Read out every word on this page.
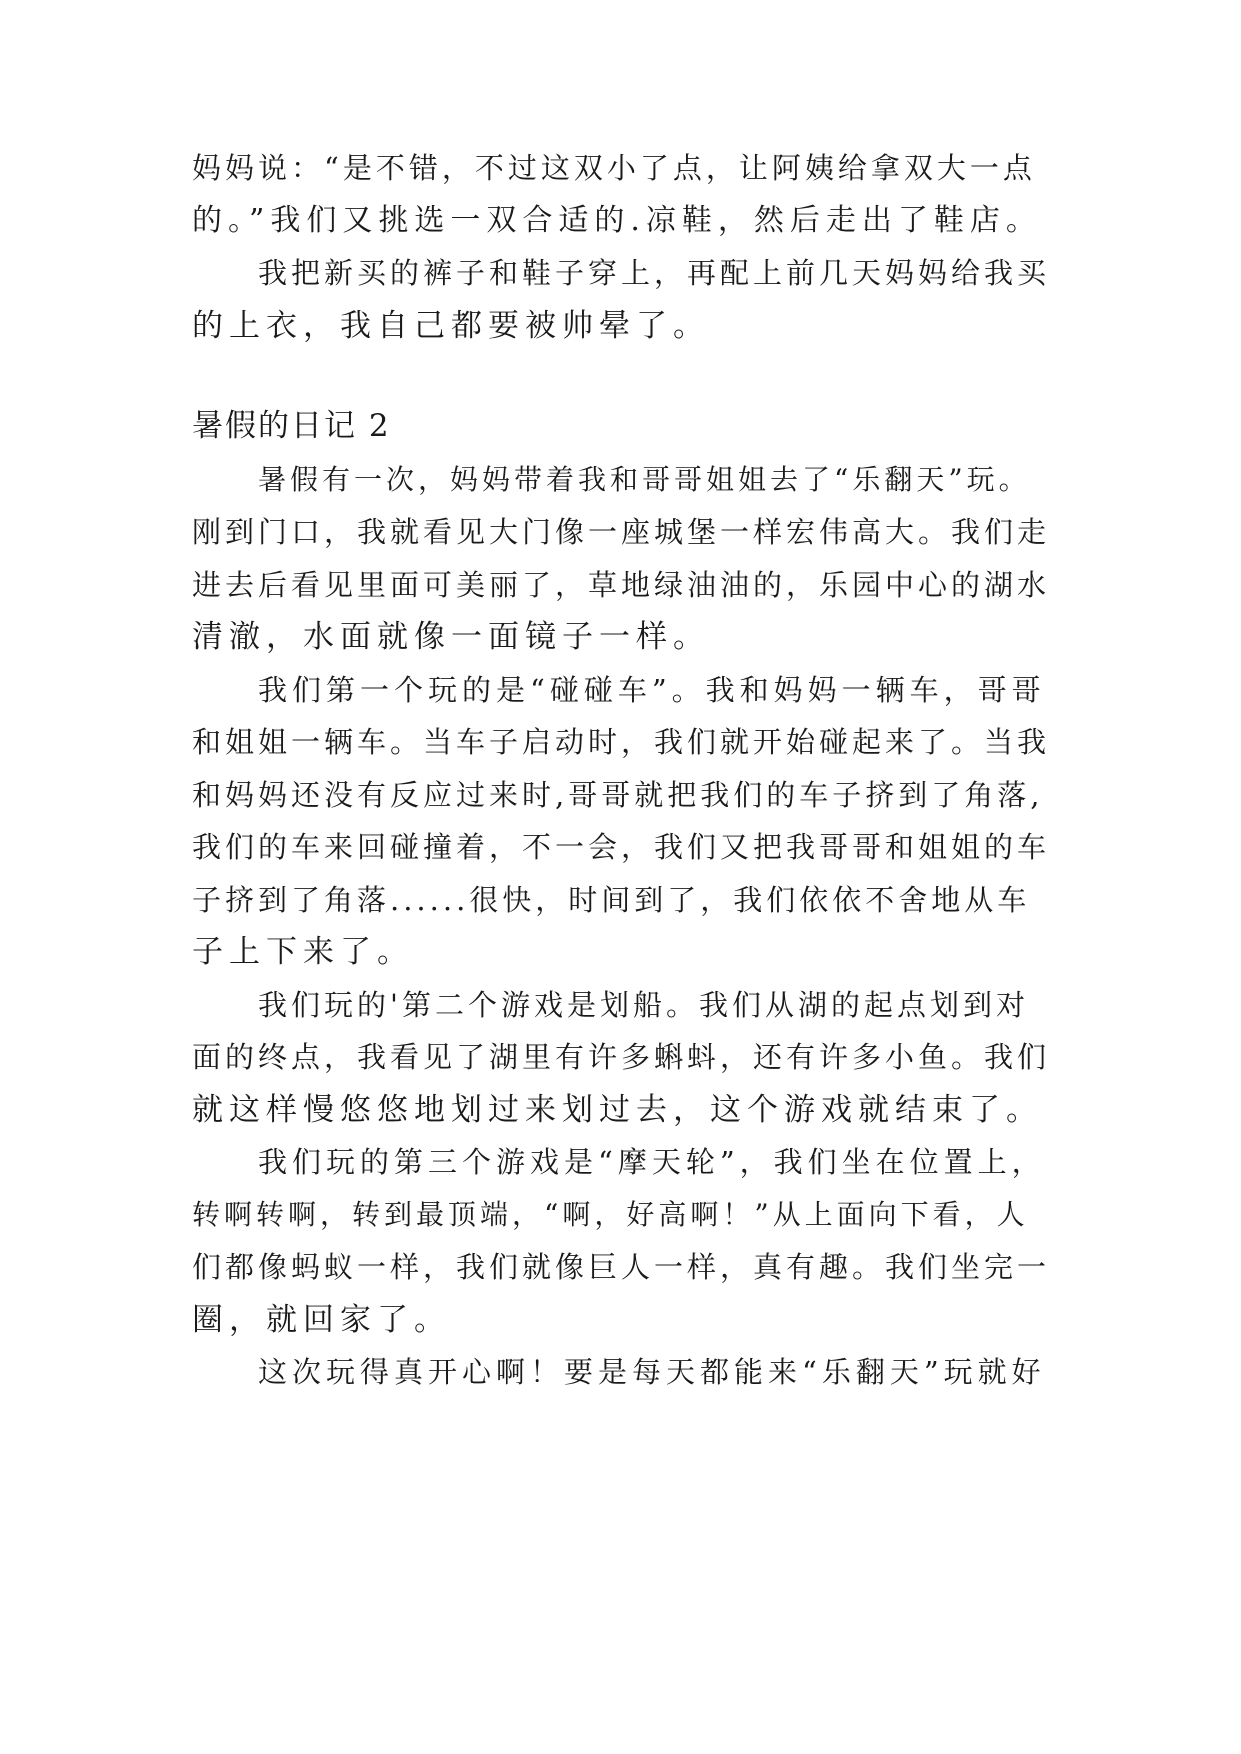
妈妈说：“是不错，不过这双小了点，让阿姨给拿双大一点
的。”我们又挑选一双合适的.凉鞋，然后走出了鞋店。
我把新买的裤子和鞋子穿上，再配上前几天妈妈给我买
的上衣，我自己都要被帅晕了。
暑假的日记 2
暑假有一次，妈妈带着我和哥哥姐姐去了“乐翻天”玩。
刚到门口，我就看见大门像一座城堡一样宏伟高大。我们走
进去后看见里面可美丽了，草地绿油油的，乐园中心的湖水
清澈，水面就像一面镜子一样。
我们第一个玩的是“碰碰车”。我和妈妈一辆车，哥哥
和姐姐一辆车。当车子启动时，我们就开始碰起来了。当我
和妈妈还没有反应过来时,哥哥就把我们的车子挤到了角落,
我们的车来回碰撞着，不一会，我们又把我哥哥和姐姐的车
子挤到了角落......很快，时间到了，我们依依不舍地从车
子上下来了。
我们玩的'第二个游戏是划船。我们从湖的起点划到对
面的终点，我看见了湖里有许多蝌蚪，还有许多小鱼。我们
就这样慢悠悠地划过来划过去，这个游戏就结束了。
我们玩的第三个游戏是“摩天轮”，我们坐在位置上，
转啊转啊，转到最顶端，“啊，好高啊！”从上面向下看，人
们都像蚂蚁一样，我们就像巨人一样，真有趣。我们坐完一
圈，就回家了。
这次玩得真开心啊！要是每天都能来“乐翻天”玩就好
